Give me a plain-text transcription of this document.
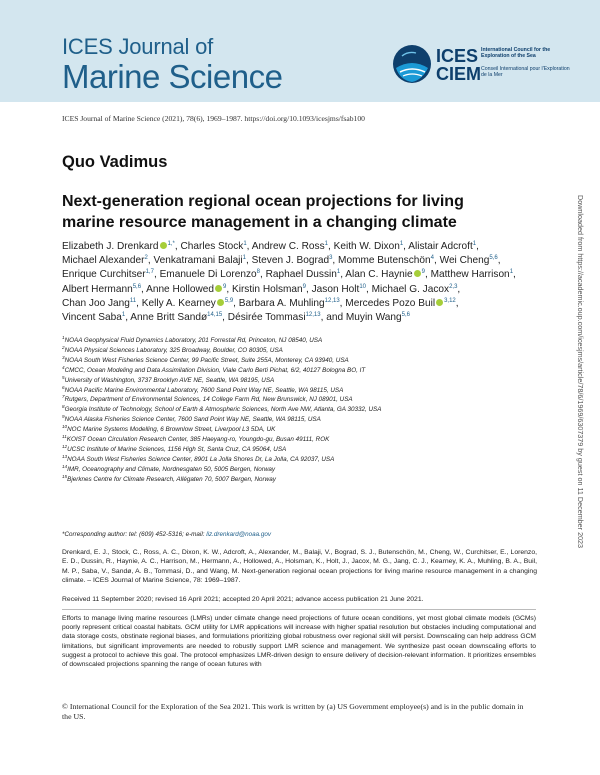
ICES Journal of
Marine Science
ICES
CIEM
International Council for the Exploration of the Sea
Conseil International pour l'Exploration de la Mer
ICES Journal of Marine Science (2021), 78(6), 1969–1987. https://doi.org/10.1093/icesjms/fsab100
Quo Vadimus
Next-generation regional ocean projections for living marine resource management in a changing climate
Elizabeth J. Drenkard $^{1,*}$, Charles Stock$^1$, Andrew C. Ross$^1$, Keith W. Dixon$^1$, Alistair Adcroft$^1$, Michael Alexander$^2$, Venkatramani Balaji$^1$, Steven J. Bograd$^3$, Momme Butenschön$^4$, Wei Cheng$^{5,6}$, Enrique Curchitser$^{1,7}$, Emanuele Di Lorenzo$^8$, Raphael Dussin$^1$, Alan C. Haynie $^9$, Matthew Harrison$^1$, Albert Hermann$^{5,6}$, Anne Hollowed $^9$, Kirstin Holsman$^9$, Jason Holt$^{10}$, Michael G. Jacox$^{2,3}$, Chan Joo Jang$^{11}$, Kelly A. Kearney $^{5,9}$, Barbara A. Muhling$^{12,13}$, Mercedes Pozo Buil $^{3,12}$, Vincent Saba$^1$, Anne Britt Sandø$^{14,15}$, Désirée Tommasi$^{12,13}$, and Muyin Wang$^{5,6}$
$^1$NOAA Geophysical Fluid Dynamics Laboratory, 201 Forrestal Rd, Princeton, NJ 08540, USA
$^2$NOAA Physical Sciences Laboratory, 325 Broadway, Boulder, CO 80305, USA
$^3$NOAA South West Fisheries Science Center, 99 Pacific Street, Suite 255A, Monterey, CA 93940, USA
$^4$CMCC, Ocean Modeling and Data Assimilation Division, Viale Carlo Berti Pichat, 6/2, 40127 Bologna BO, IT
$^5$University of Washington, 3737 Brooklyn AVE NE, Seattle, WA 98195, USA
$^6$NOAA Pacific Marine Environmental Laboratory, 7600 Sand Point Way NE, Seattle, WA 98115, USA
$^7$Rutgers, Department of Environmental Sciences, 14 College Farm Rd, New Brunswick, NJ 08901, USA
$^8$Georgia Institute of Technology, School of Earth & Atmospheric Sciences, North Ave NW, Atlanta, GA 30332, USA
$^9$NOAA Alaska Fisheries Science Center, 7600 Sand Point Way NE, Seattle, WA 98115, USA
$^{10}$NOC Marine Systems Modelling, 6 Brownlow Street, Liverpool L3 5DA, UK
$^{11}$KOIST Ocean Circulation Research Center, 385 Haeyang-ro, Youngdo-gu, Busan 49111, ROK
$^{12}$UCSC Institute of Marine Sciences, 1156 High St, Santa Cruz, CA 95064, USA
$^{13}$NOAA South West Fisheries Science Center, 8901 La Jolla Shores Dr, La Jolla, CA 92037, USA
$^{14}$IMR, Oceanography and Climate, Nordnesgaten 50, 5005 Bergen, Norway
$^{15}$Bjerknes Centre for Climate Research, Allégaten 70, 5007 Bergen, Norway
*Corresponding author: tel: (609) 452-5316; e-mail: liz.drenkard@noaa.gov
Drenkard, E. J., Stock, C., Ross, A. C., Dixon, K. W., Adcroft, A., Alexander, M., Balaji, V., Bograd, S. J., Butenschön, M., Cheng, W., Curchitser, E., Lorenzo, E. D., Dussin, R., Haynie, A. C., Harrison, M., Hermann, A., Hollowed, A., Holsman, K., Holt, J., Jacox, M. G., Jang, C. J., Kearney, K. A., Muhling, B. A., Buil, M. P., Saba, V., Sandø, A. B., Tommasi, D., and Wang, M. Next-generation regional ocean projections for living marine resource management in a changing climate. – ICES Journal of Marine Science, 78: 1969–1987.
Received 11 September 2020; revised 16 April 2021; accepted 20 April 2021; advance access publication 21 June 2021.
Efforts to manage living marine resources (LMRs) under climate change need projections of future ocean conditions, yet most global climate models (GCMs) poorly represent critical coastal habitats. GCM utility for LMR applications will increase with higher spatial resolution but obstacles including computational and data storage costs, obstinate regional biases, and formulations prioritizing global robustness over regional skill will persist. Downscaling can help address GCM limitations, but significant improvements are needed to robustly support LMR science and management. We synthesize past ocean downscaling efforts to suggest a protocol to achieve this goal. The protocol emphasizes LMR-driven design to ensure delivery of decision-relevant information. It prioritizes ensembles of downscaled projections spanning the range of ocean futures with
© International Council for the Exploration of the Sea 2021. This work is written by (a) US Government employee(s) and is in the public domain in the US.
Downloaded from https://academic.oup.com/icesjms/article/78/6/1969/6307379 by guest on 11 December 2023
